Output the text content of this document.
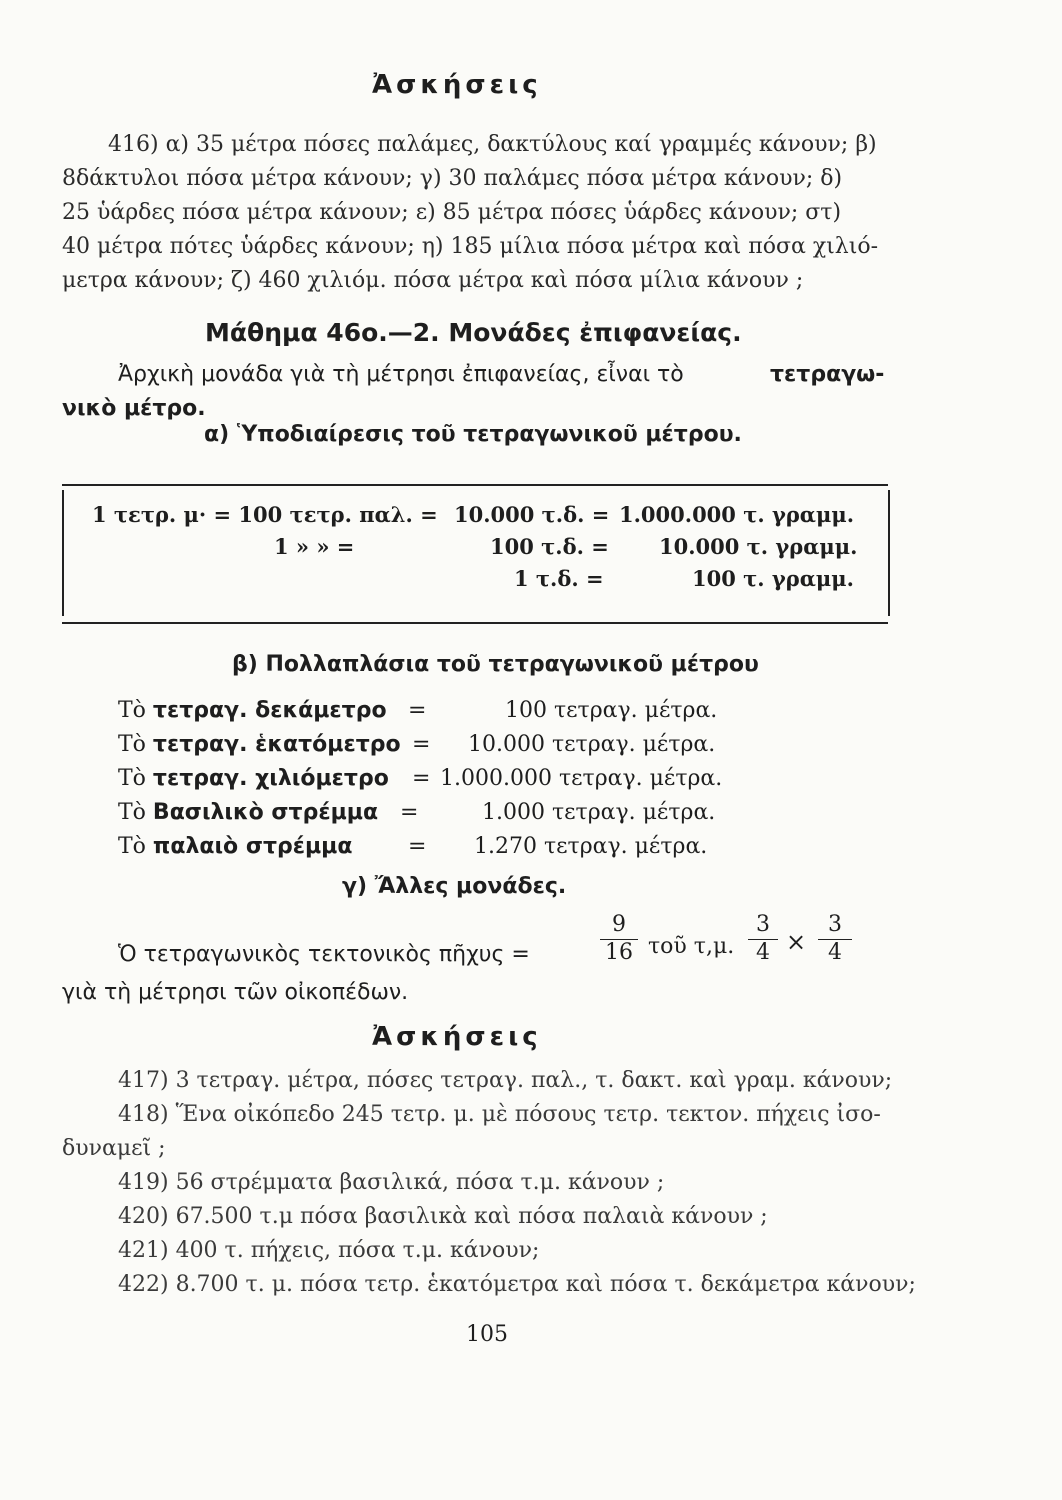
Ἀσκήσεις
416) α) 35 μέτρα πόσες παλάμες, δακτύλους καί γραμμές κάνουν; β)
8δάκτυλοι πόσα μέτρα κάνουν; γ) 30 παλάμες πόσα μέτρα κάνουν; δ)
25 ὑάρδες πόσα μέτρα κάνουν; ε) 85 μέτρα πόσες ὑάρδες κάνουν; στ)
40 μέτρα πότες ὑάρδες κάνουν; η) 185 μίλια πόσα μέτρα καὶ πόσα χιλιό-
μετρα κάνουν; ζ) 460 χιλιόμ. πόσα μέτρα καὶ πόσα μίλια κάνουν ;
Μάθημα 46ο.—2. Μονάδες ἐπιφανείας.
Ἀρχικὴ μονάδα γιὰ τὴ μέτρησι ἐπιφανείας, εἶναι τὸ	τετραγω-
νικὸ μέτρο.
α) Ὑποδιαίρεσις τοῦ τετραγωνικοῦ μέτρου.
1 τετρ. μ· = 100 τετρ. παλ. = 10.000 τ.δ. = 1.000.000 τ. γραμμ.
1 » » =	100 τ.δ. = 10.000 τ. γραμμ.
1 τ.δ. =	100 τ. γραμμ.
β) Πολλαπλάσια τοῦ τετραγωνικοῦ μέτρου
Τὸ τετραγ. δεκάμετρο =	100 τετραγ. μέτρα.
Τὸ τετραγ. ἑκατόμετρο = 10.000 τετραγ. μέτρα.
Τὸ τετραγ. χιλιόμετρο = 1.000.000 τετραγ. μέτρα.
Τὸ Βασιλικὸ στρέμμα =	1.000 τετραγ. μέτρα.
Τὸ παλαιὸ στρέμμα	= 1.270 τετραγ. μέτρα.
γ) Ἄλλες μονάδες.
Ὁ τετραγωνικὸς τεκτονικὸς πῆχυς =
9
16 τοῦ τ,μ.
3
4 ×
3
4
γιὰ τὴ μέτρησι τῶν οἰκοπέδων.
Ἀσκήσεις
417) 3 τετραγ. μέτρα, πόσες τετραγ. παλ., τ. δακτ. καὶ γραμ. κάνουν;
418) Ἕνα οἰκόπεδο 245 τετρ. μ. μὲ πόσους τετρ. τεκτον. πήχεις ἰσο-
δυναμεῖ ;
419) 56 στρέμματα βασιλικά, πόσα τ.μ. κάνουν ;
420) 67.500 τ.μ πόσα βασιλικὰ καὶ πόσα παλαιὰ κάνουν ;
421) 400 τ. πήχεις, πόσα τ.μ. κάνουν;
422) 8.700 τ. μ. πόσα τετρ. ἑκατόμετρα καὶ πόσα τ. δεκάμετρα κάνουν;
105
